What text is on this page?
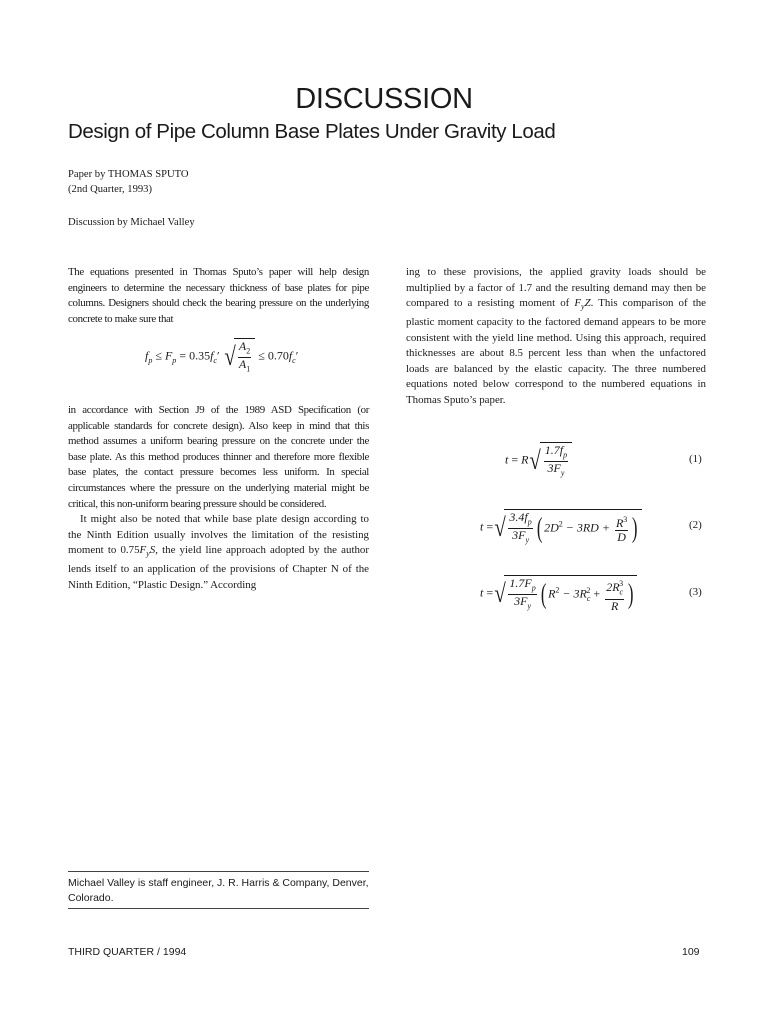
DISCUSSION
Design of Pipe Column Base Plates Under Gravity Load
Paper by THOMAS SPUTO
(2nd Quarter, 1993)
Discussion by Michael Valley

The equations presented in Thomas Sputo’s paper will help design engineers to determine the necessary thickness of base plates for pipe columns. Designers should check the bearing pressure on the underlying concrete to make sure that

$f_p \le F_p = 0.35f_c'$ √ $\frac{A_2}{A_1} \le 0.70f_c'$

in accordance with Section J9 of the 1989 ASD Specification (or applicable standards for concrete design). Also keep in mind that this method assumes a uniform bearing pressure on the concrete under the base plate. As this method produces thinner and therefore more flexible base plates, the contact pressure becomes less uniform. In special circumstances where the pressure on the underlying material might be critical, this non-uniform bearing pressure should be considered.

It might also be noted that while base plate design according to the Ninth Edition usually involves the limitation of the resisting moment to $0.75F_yS$, the yield line approach adopted by the author lends itself to an application of the provisions of Chapter N of the Ninth Edition, “Plastic Design.” According

ing to these provisions, the applied gravity loads should be multiplied by a factor of 1.7 and the resulting demand may then be compared to a resisting moment of $F_yZ$. This comparison of the plastic moment capacity to the factored demand appears to be more consistent with the yield line method. Using this approach, required thicknesses are about 8.5 percent less than when the unfactored loads are balanced by the elastic capacity. The three numbered equations noted below correspond to the numbered equations in Thomas Sputo’s paper.

$t = R√ \frac{1.7f_p}{3F_y}$	(1)
t =√ $\frac{3.4f_p}{3F_y}$ ( $2D^2 - 3RD + \frac{R^3}{D}$ )	(2)
t =√ $\frac{1.7F_p}{3F_y}$ ( $R^2 - 3R_c^2 + \frac{2R_c^3}{R}$ )	(3)
Michael Valley is staff engineer, J. R. Harris & Company, Denver, Colorado.
THIRD QUARTER / 1994	109
